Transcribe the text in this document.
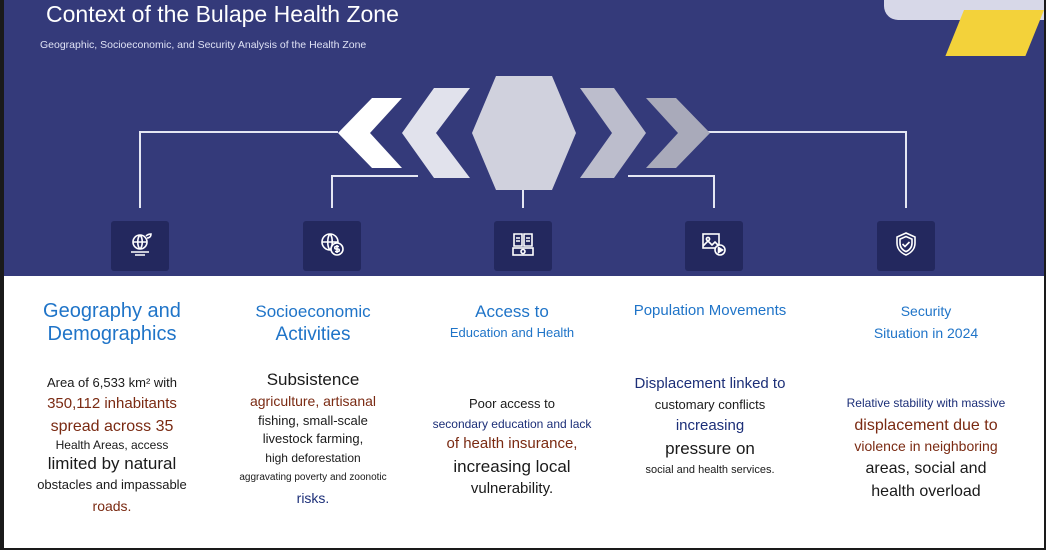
Context of the Bulape Health Zone

Geographic, Socioeconomic, and Security Analysis of the Health Zone

Geography and

Demographics

Area of 6,533 km² with

350,112 inhabitants

spread across 35

Health Areas, access

limited by natural

obstacles and impassable

roads.

Socioeconomic

Activities

Subsistence

agriculture, artisanal

fishing, small-scale

livestock farming,

high deforestation

aggravating poverty and zoonotic

risks.

Access to

Education and Health

Poor access to

secondary education and lack

of health insurance,

increasing local

vulnerability.

Population Movements

Displacement linked to

customary conflicts

increasing

pressure on

social and health services.

Security

Situation in 2024

Relative stability with massive

displacement due to

violence in neighboring

areas, social and

health overload
